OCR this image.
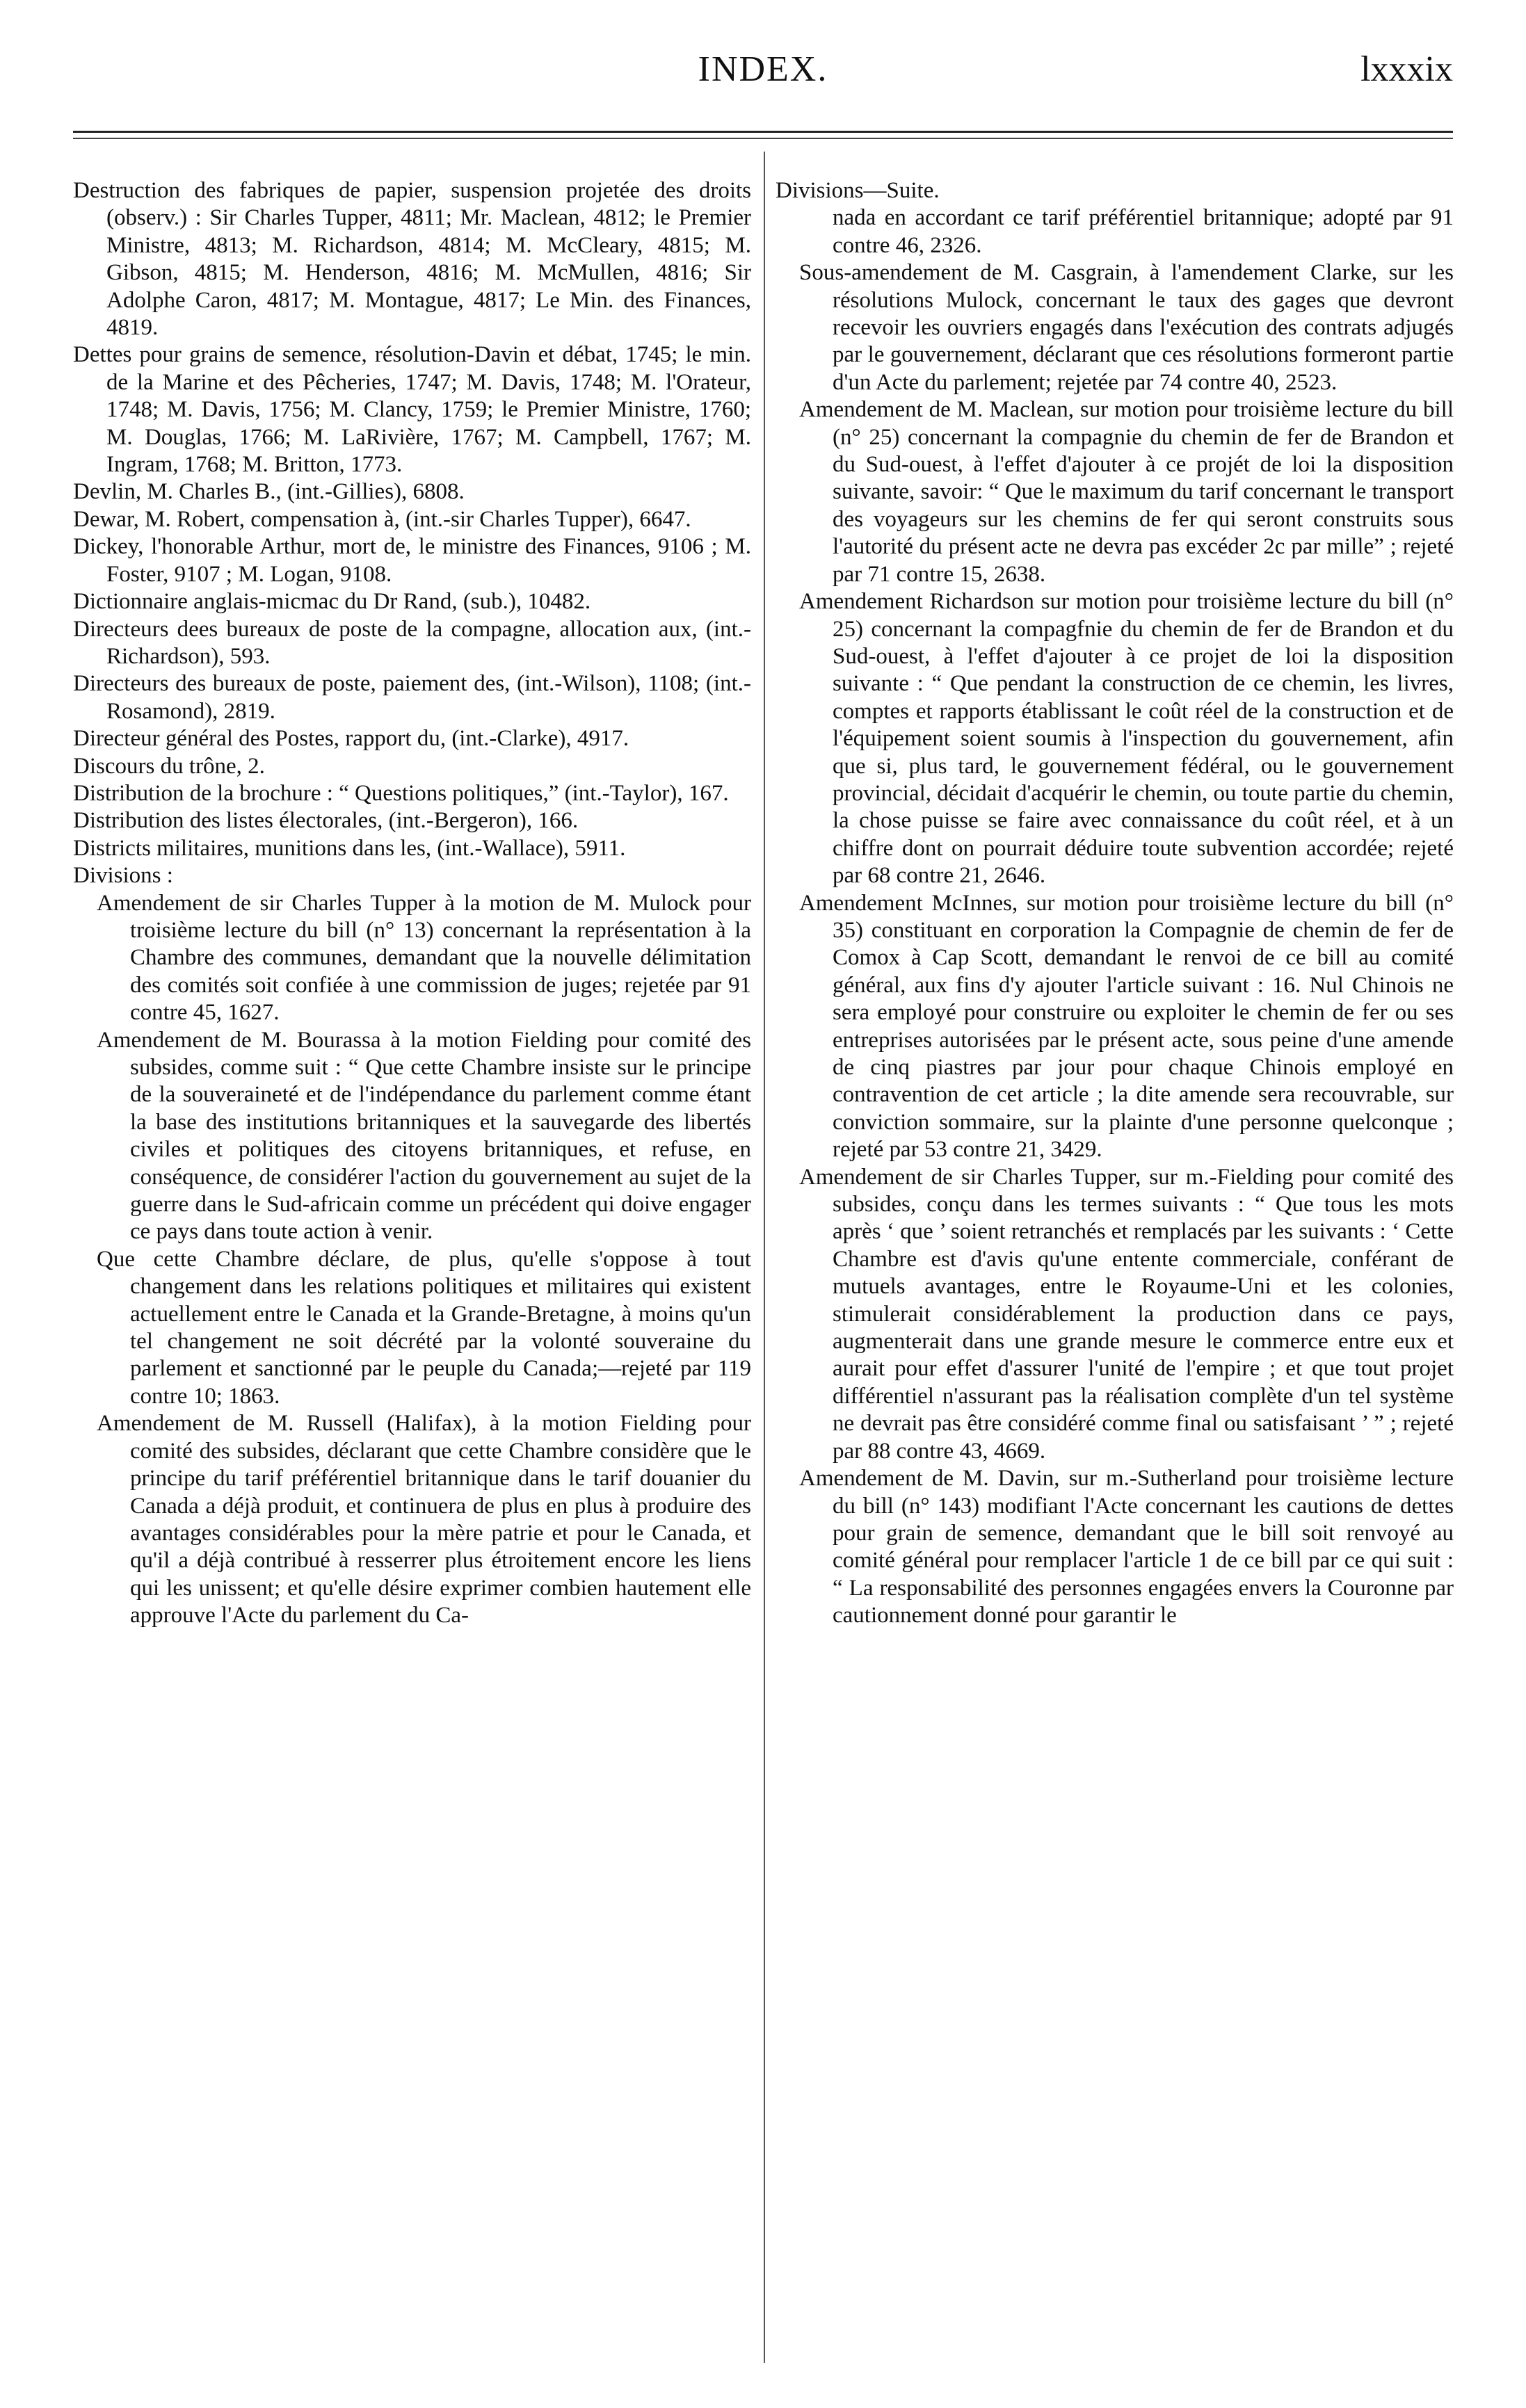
INDEX.	lxxxix

Destruction des fabriques de papier, suspension projetée des droits (observ.) : Sir Charles Tupper, 4811; Mr. Maclean, 4812; le Premier Ministre, 4813; M. Richardson, 4814; M. McCleary, 4815; M. Gibson, 4815; M. Henderson, 4816; M. McMullen, 4816; Sir Adolphe Caron, 4817; M. Montague, 4817; Le Min. des Finances, 4819.

Dettes pour grains de semence, résolution-Davin et débat, 1745; le min. de la Marine et des Pêcheries, 1747; M. Davis, 1748; M. l'Orateur, 1748; M. Davis, 1756; M. Clancy, 1759; le Premier Ministre, 1760; M. Douglas, 1766; M. LaRivière, 1767; M. Campbell, 1767; M. Ingram, 1768; M. Britton, 1773.

Devlin, M. Charles B., (int.-Gillies), 6808.

Dewar, M. Robert, compensation à, (int.-sir Charles Tupper), 6647.

Dickey, l'honorable Arthur, mort de, le ministre des Finances, 9106 ; M. Foster, 9107 ; M. Logan, 9108.

Dictionnaire anglais-micmac du Dr Rand, (sub.), 10482.

Directeurs dees bureaux de poste de la compagne, allocation aux, (int.-Richardson), 593.

Directeurs des bureaux de poste, paiement des, (int.-Wilson), 1108; (int.-Rosamond), 2819.

Directeur général des Postes, rapport du, (int.-Clarke), 4917.

Discours du trône, 2.

Distribution de la brochure : “ Questions politiques,” (int.-Taylor), 167.

Distribution des listes électorales, (int.-Bergeron), 166.

Districts militaires, munitions dans les, (int.-Wallace), 5911.

Divisions :

Amendement de sir Charles Tupper à la motion de M. Mulock pour troisième lecture du bill (n° 13) concernant la représentation à la Chambre des communes, demandant que la nouvelle délimitation des comités soit confiée à une commission de juges; rejetée par 91 contre 45, 1627.

Amendement de M. Bourassa à la motion Fielding pour comité des subsides, comme suit : “ Que cette Chambre insiste sur le principe de la souveraineté et de l'indépendance du parlement comme étant la base des institutions britanniques et la sauvegarde des libertés civiles et politiques des citoyens britanniques, et refuse, en conséquence, de considérer l'action du gouvernement au sujet de la guerre dans le Sud-africain comme un précédent qui doive engager ce pays dans toute action à venir.

Que cette Chambre déclare, de plus, qu'elle s'oppose à tout changement dans les relations politiques et militaires qui existent actuellement entre le Canada et la Grande-Bretagne, à moins qu'un tel changement ne soit décrété par la volonté souveraine du parlement et sanctionné par le peuple du Canada;—rejeté par 119 contre 10; 1863.

Amendement de M. Russell (Halifax), à la motion Fielding pour comité des subsides, déclarant que cette Chambre considère que le principe du tarif préférentiel britannique dans le tarif douanier du Canada a déjà produit, et continuera de plus en plus à produire des avantages considérables pour la mère patrie et pour le Canada, et qu'il a déjà contribué à resserrer plus étroitement encore les liens qui les unissent; et qu'elle désire exprimer combien hautement elle approuve l'Acte du parlement du Ca-

Divisions—Suite.

nada en accordant ce tarif préférentiel britannique; adopté par 91 contre 46, 2326.

Sous-amendement de M. Casgrain, à l'amendement Clarke, sur les résolutions Mulock, concernant le taux des gages que devront recevoir les ouvriers engagés dans l'exécution des contrats adjugés par le gouvernement, déclarant que ces résolutions formeront partie d'un Acte du parlement; rejetée par 74 contre 40, 2523.

Amendement de M. Maclean, sur motion pour troisième lecture du bill (n° 25) concernant la compagnie du chemin de fer de Brandon et du Sud-ouest, à l'effet d'ajouter à ce projét de loi la disposition suivante, savoir: “ Que le maximum du tarif concernant le transport des voyageurs sur les chemins de fer qui seront construits sous l'autorité du présent acte ne devra pas excéder 2c par mille” ; rejeté par 71 contre 15, 2638.

Amendement Richardson sur motion pour troisième lecture du bill (n° 25) concernant la compagfnie du chemin de fer de Brandon et du Sud-ouest, à l'effet d'ajouter à ce projet de loi la disposition suivante : “ Que pendant la construction de ce chemin, les livres, comptes et rapports établissant le coût réel de la construction et de l'équipement soient soumis à l'inspection du gouvernement, afin que si, plus tard, le gouvernement fédéral, ou le gouvernement provincial, décidait d'acquérir le chemin, ou toute partie du chemin, la chose puisse se faire avec connaissance du coût réel, et à un chiffre dont on pourrait déduire toute subvention accordée; rejeté par 68 contre 21, 2646.

Amendement McInnes, sur motion pour troisième lecture du bill (n° 35) constituant en corporation la Compagnie de chemin de fer de Comox à Cap Scott, demandant le renvoi de ce bill au comité général, aux fins d'y ajouter l'article suivant : 16. Nul Chinois ne sera employé pour construire ou exploiter le chemin de fer ou ses entreprises autorisées par le présent acte, sous peine d'une amende de cinq piastres par jour pour chaque Chinois employé en contravention de cet article ; la dite amende sera recouvrable, sur conviction sommaire, sur la plainte d'une personne quelconque ; rejeté par 53 contre 21, 3429.

Amendement de sir Charles Tupper, sur m.-Fielding pour comité des subsides, conçu dans les termes suivants : “ Que tous les mots après ‘ que ’ soient retranchés et remplacés par les suivants : ‘ Cette Chambre est d'avis qu'une entente commerciale, conférant de mutuels avantages, entre le Royaume-Uni et les colonies, stimulerait considérablement la production dans ce pays, augmenterait dans une grande mesure le commerce entre eux et aurait pour effet d'assurer l'unité de l'empire ; et que tout projet différentiel n'assurant pas la réalisation complète d'un tel système ne devrait pas être considéré comme final ou satisfaisant ’ ” ; rejeté par 88 contre 43, 4669.

Amendement de M. Davin, sur m.-Sutherland pour troisième lecture du bill (n° 143) modifiant l'Acte concernant les cautions de dettes pour grain de semence, demandant que le bill soit renvoyé au comité général pour remplacer l'article 1 de ce bill par ce qui suit : “ La responsabilité des personnes engagées envers la Couronne par cautionnement donné pour garantir le
